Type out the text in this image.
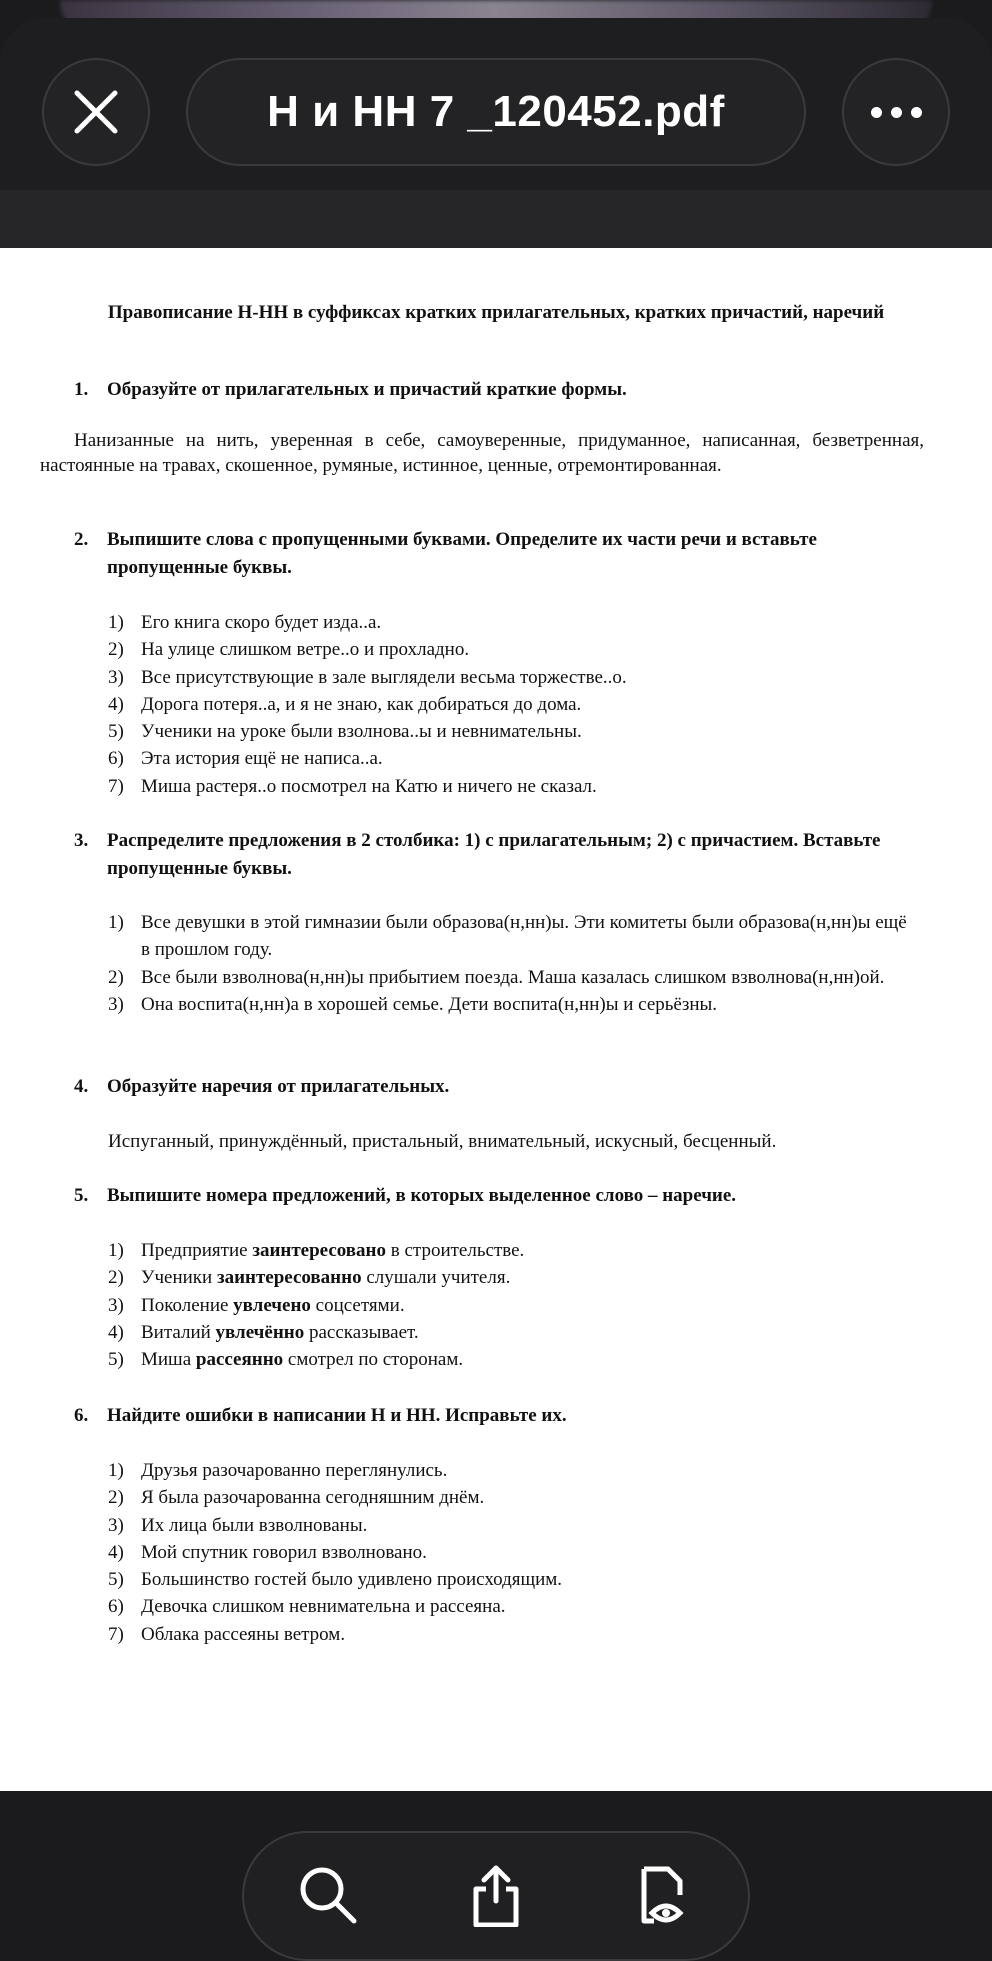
Н и НН 7 _120452.pdf
Правописание Н-НН в суффиксах кратких прилагательных, кратких причастий, наречий
1. Образуйте от прилагательных и причастий краткие формы.
Нанизанные на нить, уверенная в себе, самоуверенные, придуманное, написанная, безветренная, настоянные на травах, скошенное, румяные, истинное, ценные, отремонтированная.
2. Выпишите слова с пропущенными буквами. Определите их части речи и вставьте пропущенные буквы.
1) Его книга скоро будет изда..а.
2) На улице слишком ветре..о и прохладно.
3) Все присутствующие в зале выглядели весьма торжестве..о.
4) Дорога потеря..а, и я не знаю, как добираться до дома.
5) Ученики на уроке были взолнова..ы и невнимательны.
6) Эта история ещё не написа..а.
7) Миша растеря..о посмотрел на Катю и ничего не сказал.
3. Распределите предложения в 2 столбика: 1) с прилагательным; 2) с причастием. Вставьте пропущенные буквы.
1) Все девушки в этой гимназии были образова(н,нн)ы. Эти комитеты были образова(н,нн)ы ещё в прошлом году.
2) Все были взволнова(н,нн)ы прибытием поезда. Маша казалась слишком взволнова(н,нн)ой.
3) Она воспита(н,нн)а в хорошей семье. Дети воспита(н,нн)ы и серьёзны.
4. Образуйте наречия от прилагательных.
Испуганный, принуждённый, пристальный, внимательный, искусный, бесценный.
5. Выпишите номера предложений, в которых выделенное слово – наречие.
1) Предприятие заинтересовано в строительстве.
2) Ученики заинтересованно слушали учителя.
3) Поколение увлечено соцсетями.
4) Виталий увлечённо рассказывает.
5) Миша рассеянно смотрел по сторонам.
6. Найдите ошибки в написании Н и НН. Исправьте их.
1) Друзья разочарованно переглянулись.
2) Я была разочарованна сегодняшним днём.
3) Их лица были взволнованы.
4) Мой спутник говорил взволновано.
5) Большинство гостей было удивлено происходящим.
6) Девочка слишком невнимательна и рассеяна.
7) Облака рассеяны ветром.
